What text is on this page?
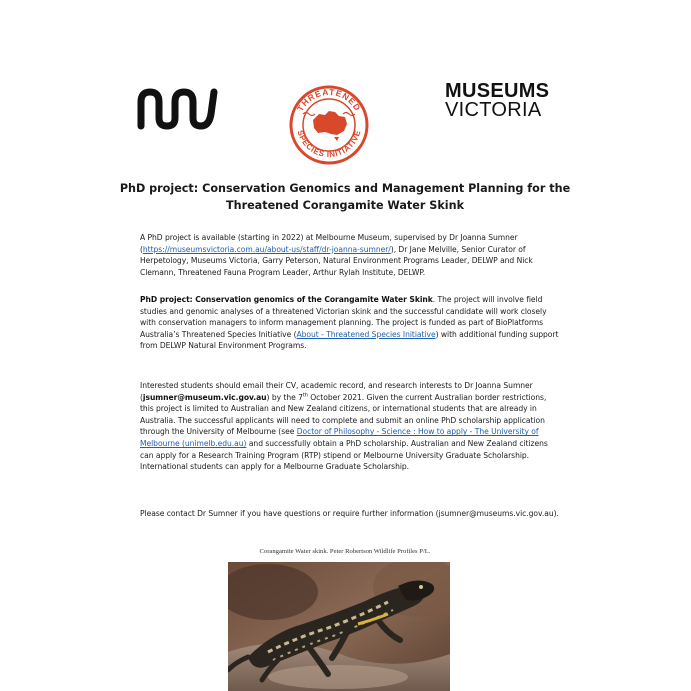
THREATENED
SPECIES INITIATIVE
MUSEUMS
VICTORIA
PhD project: Conservation Genomics and Management Planning for the
Threatened Corangamite Water Skink
A PhD project is available (starting in 2022) at Melbourne Museum, supervised by Dr Joanna Sumner (https://museumsvictoria.com.au/about-us/staff/dr-joanna-sumner/), Dr Jane Melville, Senior Curator of Herpetology, Museums Victoria, Garry Peterson, Natural Environment Programs Leader, DELWP and Nick Clemann, Threatened Fauna Program Leader, Arthur Rylah Institute, DELWP.
PhD project: Conservation genomics of the Corangamite Water Skink. The project will involve field studies and genomic analyses of a threatened Victorian skink and the successful candidate will work closely with conservation managers to inform management planning. The project is funded as part of BioPlatforms Australia’s Threatened Species Initiative (About - Threatened Species Initiative) with additional funding support from DELWP Natural Environment Programs.
Interested students should email their CV, academic record, and research interests to Dr Joanna Sumner (jsumner@museum.vic.gov.au) by the 7th October 2021. Given the current Australian border restrictions, this project is limited to Australian and New Zealand citizens, or international students that are already in Australia. The successful applicants will need to complete and submit an online PhD scholarship application through the University of Melbourne (see Doctor of Philosophy - Science : How to apply - The University of Melbourne (unimelb.edu.au) and successfully obtain a PhD scholarship. Australian and New Zealand citizens can apply for a Research Training Program (RTP) stipend or Melbourne University Graduate Scholarship. International students can apply for a Melbourne Graduate Scholarship.
Please contact Dr Sumner if you have questions or require further information (jsumner@museums.vic.gov.au).
Corangamite Water skink. Peter Robertson Wildlife Profiles P/L.
